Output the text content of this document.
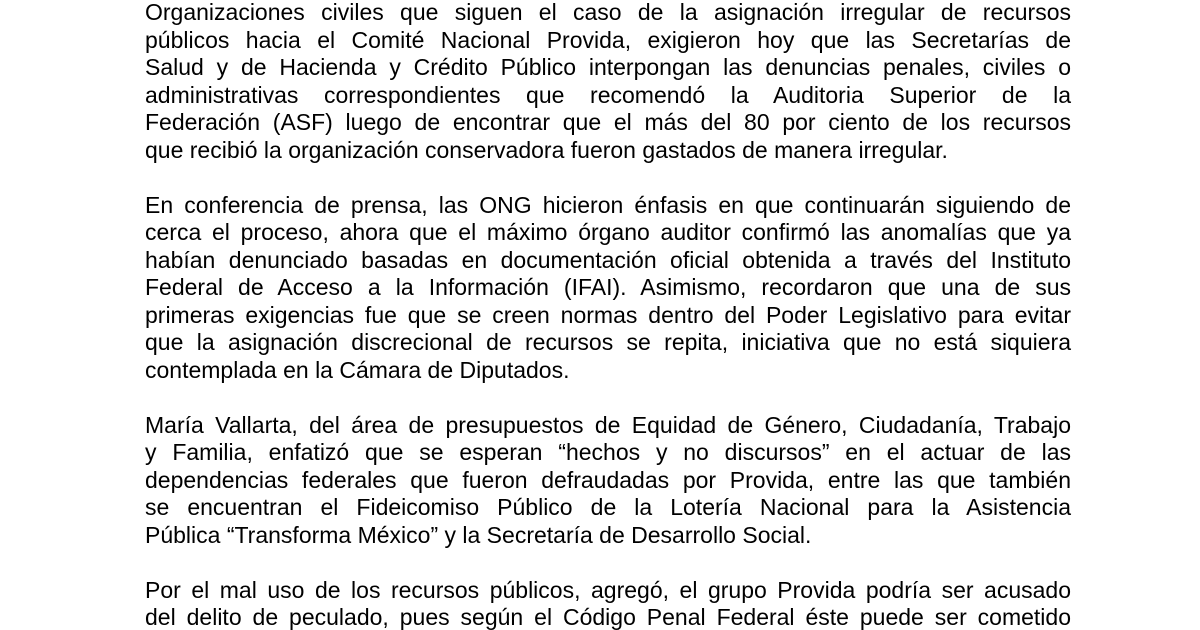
Organizaciones civiles que siguen el caso de la asignación irregular de recursos
públicos hacia el Comité Nacional Provida, exigieron hoy que las Secretarías de
Salud y de Hacienda y Crédito Público interpongan las denuncias penales, civiles o
administrativas correspondientes que recomendó la Auditoria Superior de la
Federación (ASF) luego de encontrar que el más del 80 por ciento de los recursos
que recibió la organización conservadora fueron gastados de manera irregular.

En conferencia de prensa, las ONG hicieron énfasis en que continuarán siguiendo de
cerca el proceso, ahora que el máximo órgano auditor confirmó las anomalías que ya
habían denunciado basadas en documentación oficial obtenida a través del Instituto
Federal de Acceso a la Información (IFAI). Asimismo, recordaron que una de sus
primeras exigencias fue que se creen normas dentro del Poder Legislativo para evitar
que la asignación discrecional de recursos se repita, iniciativa que no está siquiera
contemplada en la Cámara de Diputados.

María Vallarta, del área de presupuestos de Equidad de Género, Ciudadanía, Trabajo
y Familia, enfatizó que se esperan “hechos y no discursos” en el actuar de las
dependencias federales que fueron defraudadas por Provida, entre las que también
se encuentran el Fideicomiso Público de la Lotería Nacional para la Asistencia
Pública “Transforma México” y la Secretaría de Desarrollo Social.

Por el mal uso de los recursos públicos, agregó, el grupo Provida podría ser acusado
del delito de peculado, pues según el Código Penal Federal éste puede ser cometido
